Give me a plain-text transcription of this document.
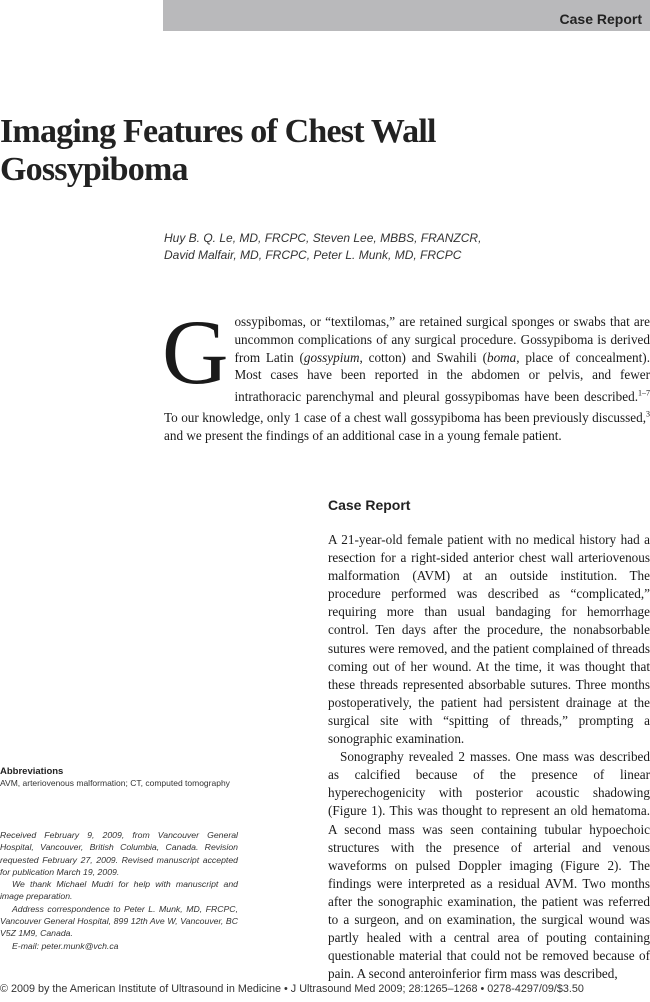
Case Report
Imaging Features of Chest Wall
Gossypiboma
Huy B. Q. Le, MD, FRCPC, Steven Lee, MBBS, FRANZCR,
David Malfair, MD, FRCPC, Peter L. Munk, MD, FRCPC

Gossypibomas, or “textilomas,” are retained surgical sponges or swabs that are uncommon complications of any surgical procedure. Gossypiboma is derived from Latin (gossypium, cotton) and Swahili (boma, place of concealment). Most cases have been reported in the abdomen or pelvis, and fewer intrathoracic parenchymal and pleural gossypibomas have been described.$^{1-7}$ To our knowledge, only 1 case of a chest wall gossypiboma has been previously discussed,$^3$ and we present the findings of an additional case in a young female patient.

Case Report

A 21-year-old female patient with no medical history had a resection for a right-sided anterior chest wall arteriovenous malformation (AVM) at an outside institution. The procedure performed was described as “complicated,” requiring more than usual bandaging for hemorrhage control. Ten days after the procedure, the nonabsorbable sutures were removed, and the patient complained of threads coming out of her wound. At the time, it was thought that these threads represented absorbable sutures. Three months postoperatively, the patient had persistent drainage at the surgical site with “spitting of threads,” prompting a sonographic examination.

Sonography revealed 2 masses. One mass was described as calcified because of the presence of linear hyperechogenicity with posterior acoustic shadowing (Figure 1). This was thought to represent an old hematoma. A second mass was seen containing tubular hypoechoic structures with the presence of arterial and venous waveforms on pulsed Doppler imaging (Figure 2). The findings were interpreted as a residual AVM. Two months after the sonographic examination, the patient was referred to a surgeon, and on examination, the surgical wound was partly healed with a central area of pouting containing questionable material that could not be removed because of pain. A second anteroinferior firm mass was described,

Abbreviations
AVM, arteriovenous malformation; CT, computed tomography

Received February 9, 2009, from Vancouver General Hospital, Vancouver, British Columbia, Canada. Revision requested February 27, 2009. Revised manuscript accepted for publication March 19, 2009.

We thank Michael Mudri for help with manuscript and image preparation.

Address correspondence to Peter L. Munk, MD, FRCPC, Vancouver General Hospital, 899 12th Ave W, Vancouver, BC V5Z 1M9, Canada.

E-mail: peter.munk@vch.ca

© 2009 by the American Institute of Ultrasound in Medicine • J Ultrasound Med 2009; 28:1265–1268 • 0278-4297/09/$3.50
